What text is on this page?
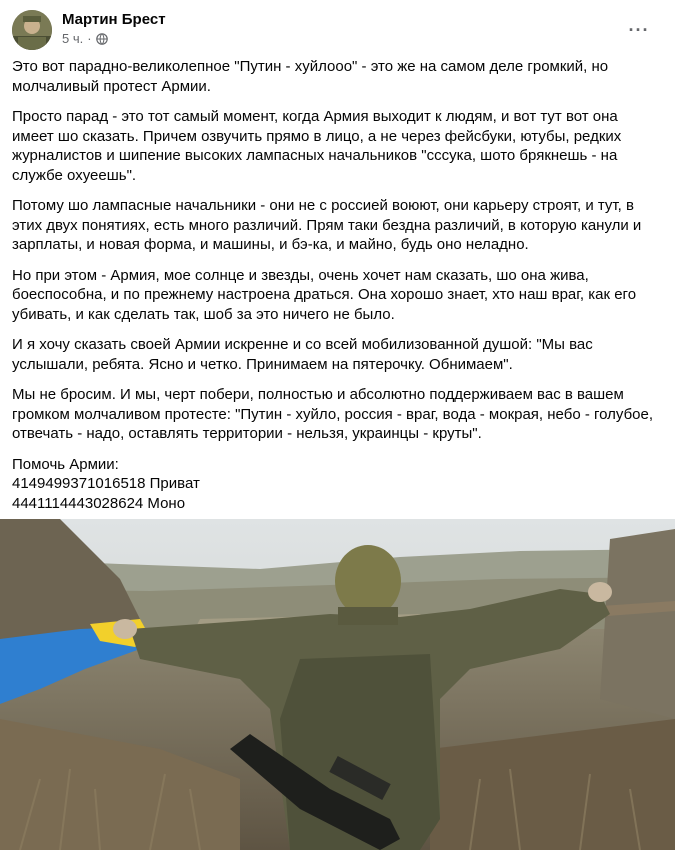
Мартин Брест
5 ч. ·	···

Это вот парадно-великолепное "Путин - хуйлооо" - это же на самом деле громкий, но молчаливый протест Армии.

Просто парад - это тот самый момент, когда Армия выходит к людям, и вот тут вот она имеет шо сказать. Причем озвучить прямо в лицо, а не через фейсбуки, ютубы, редких журналистов и шипение высоких лампасных начальников "сссука, шото брякнешь - на службе охуеешь".

Потому шо лампасные начальники - они не с россией воюют, они карьеру строят, и тут, в этих двух понятиях, есть много различий. Прям таки бездна различий, в которую канули и зарплаты, и новая форма, и машины, и бэ-ка, и майно, будь оно неладно.

Но при этом - Армия, мое солнце и звезды, очень хочет нам сказать, шо она жива, боеспособна, и по прежнему настроена драться. Она хорошо знает, хто наш враг, как его убивать, и как сделать так, шоб за это ничего не было.

И я хочу сказать своей Армии искренне и со всей мобилизованной душой: "Мы вас услышали, ребята. Ясно и четко. Принимаем на пятерочку. Обнимаем".

Мы не бросим. И мы, черт побери, полностью и абсолютно поддерживаем вас в вашем громком молчаливом протесте: "Путин - хуйло, россия - враг, вода - мокрая, небо - голубое, отвечать - надо, оставлять территории - нельзя, украинцы - круты".

Помочь Армии:

4149499371016518 Приват

4441114443028624 Моно
